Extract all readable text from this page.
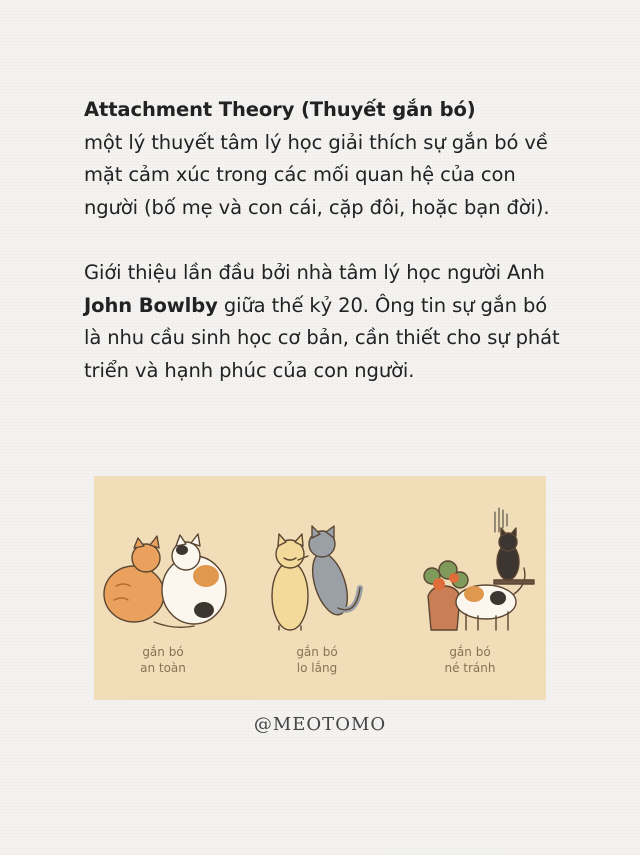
Attachment Theory (Thuyết gắn bó)
một lý thuyết tâm lý học giải thích sự gắn bó về mặt cảm xúc trong các mối quan hệ của con người (bố mẹ và con cái, cặp đôi, hoặc bạn đời).

Giới thiệu lần đầu bởi nhà tâm lý học người Anh John Bowlby giữa thế kỷ 20. Ông tin sự gắn bó là nhu cầu sinh học cơ bản, cần thiết cho sự phát triển và hạnh phúc của con người.

gắn bó
an toàn
gắn bó
lo lắng
gắn bó
né tránh
@MEOTOMO
